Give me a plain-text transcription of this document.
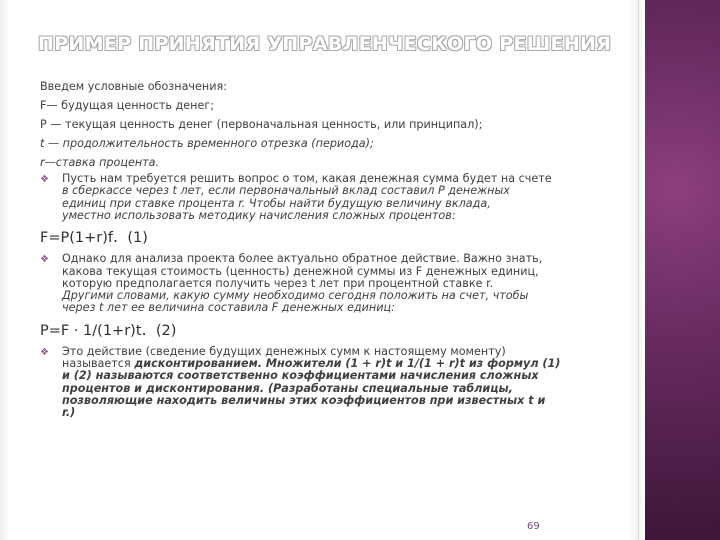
ПРИМЕР ПРИНЯТИЯ УПРАВЛЕНЧЕСКОГО РЕШЕНИЯ
Введем условные обозначения:
F— будущая ценность денег;
P — текущая ценность денег (первоначальная ценность, или принципал);
t — продолжительность временного отрезка (периода);
r—ставка процента.
❖ Пусть нам требуется решить вопрос о том, какая денежная сумма будет на счете
в сберкассе через t лет, если первоначальный вклад составил P денежных
единиц при ставке процента r. Чтобы найти будущую величину вклада,
уместно использовать методику начисления сложных процентов:
F=P(1+r)f. (1)
❖ Однако для анализа проекта более актуально обратное действие. Важно знать,
какова текущая стоимость (ценность) денежной суммы из F денежных единиц,
которую предполагается получить через t лет при процентной ставке r.
Другими словами, какую сумму необходимо сегодня положить на счет, чтобы
через t лет ее величина составила F денежных единиц:
P=F · 1/(1+r)t. (2)
❖ Это действие (сведение будущих денежных сумм к настоящему моменту)
называется дисконтированием. Множители (1 + r)t и 1/(1 + r)t из формул (1)
и (2) называются соответственно коэффициентами начисления сложных
процентов и дисконтирования. (Разработаны специальные таблицы,
позволяющие находить величины этих коэффициентов при известных t и
r.)
69
